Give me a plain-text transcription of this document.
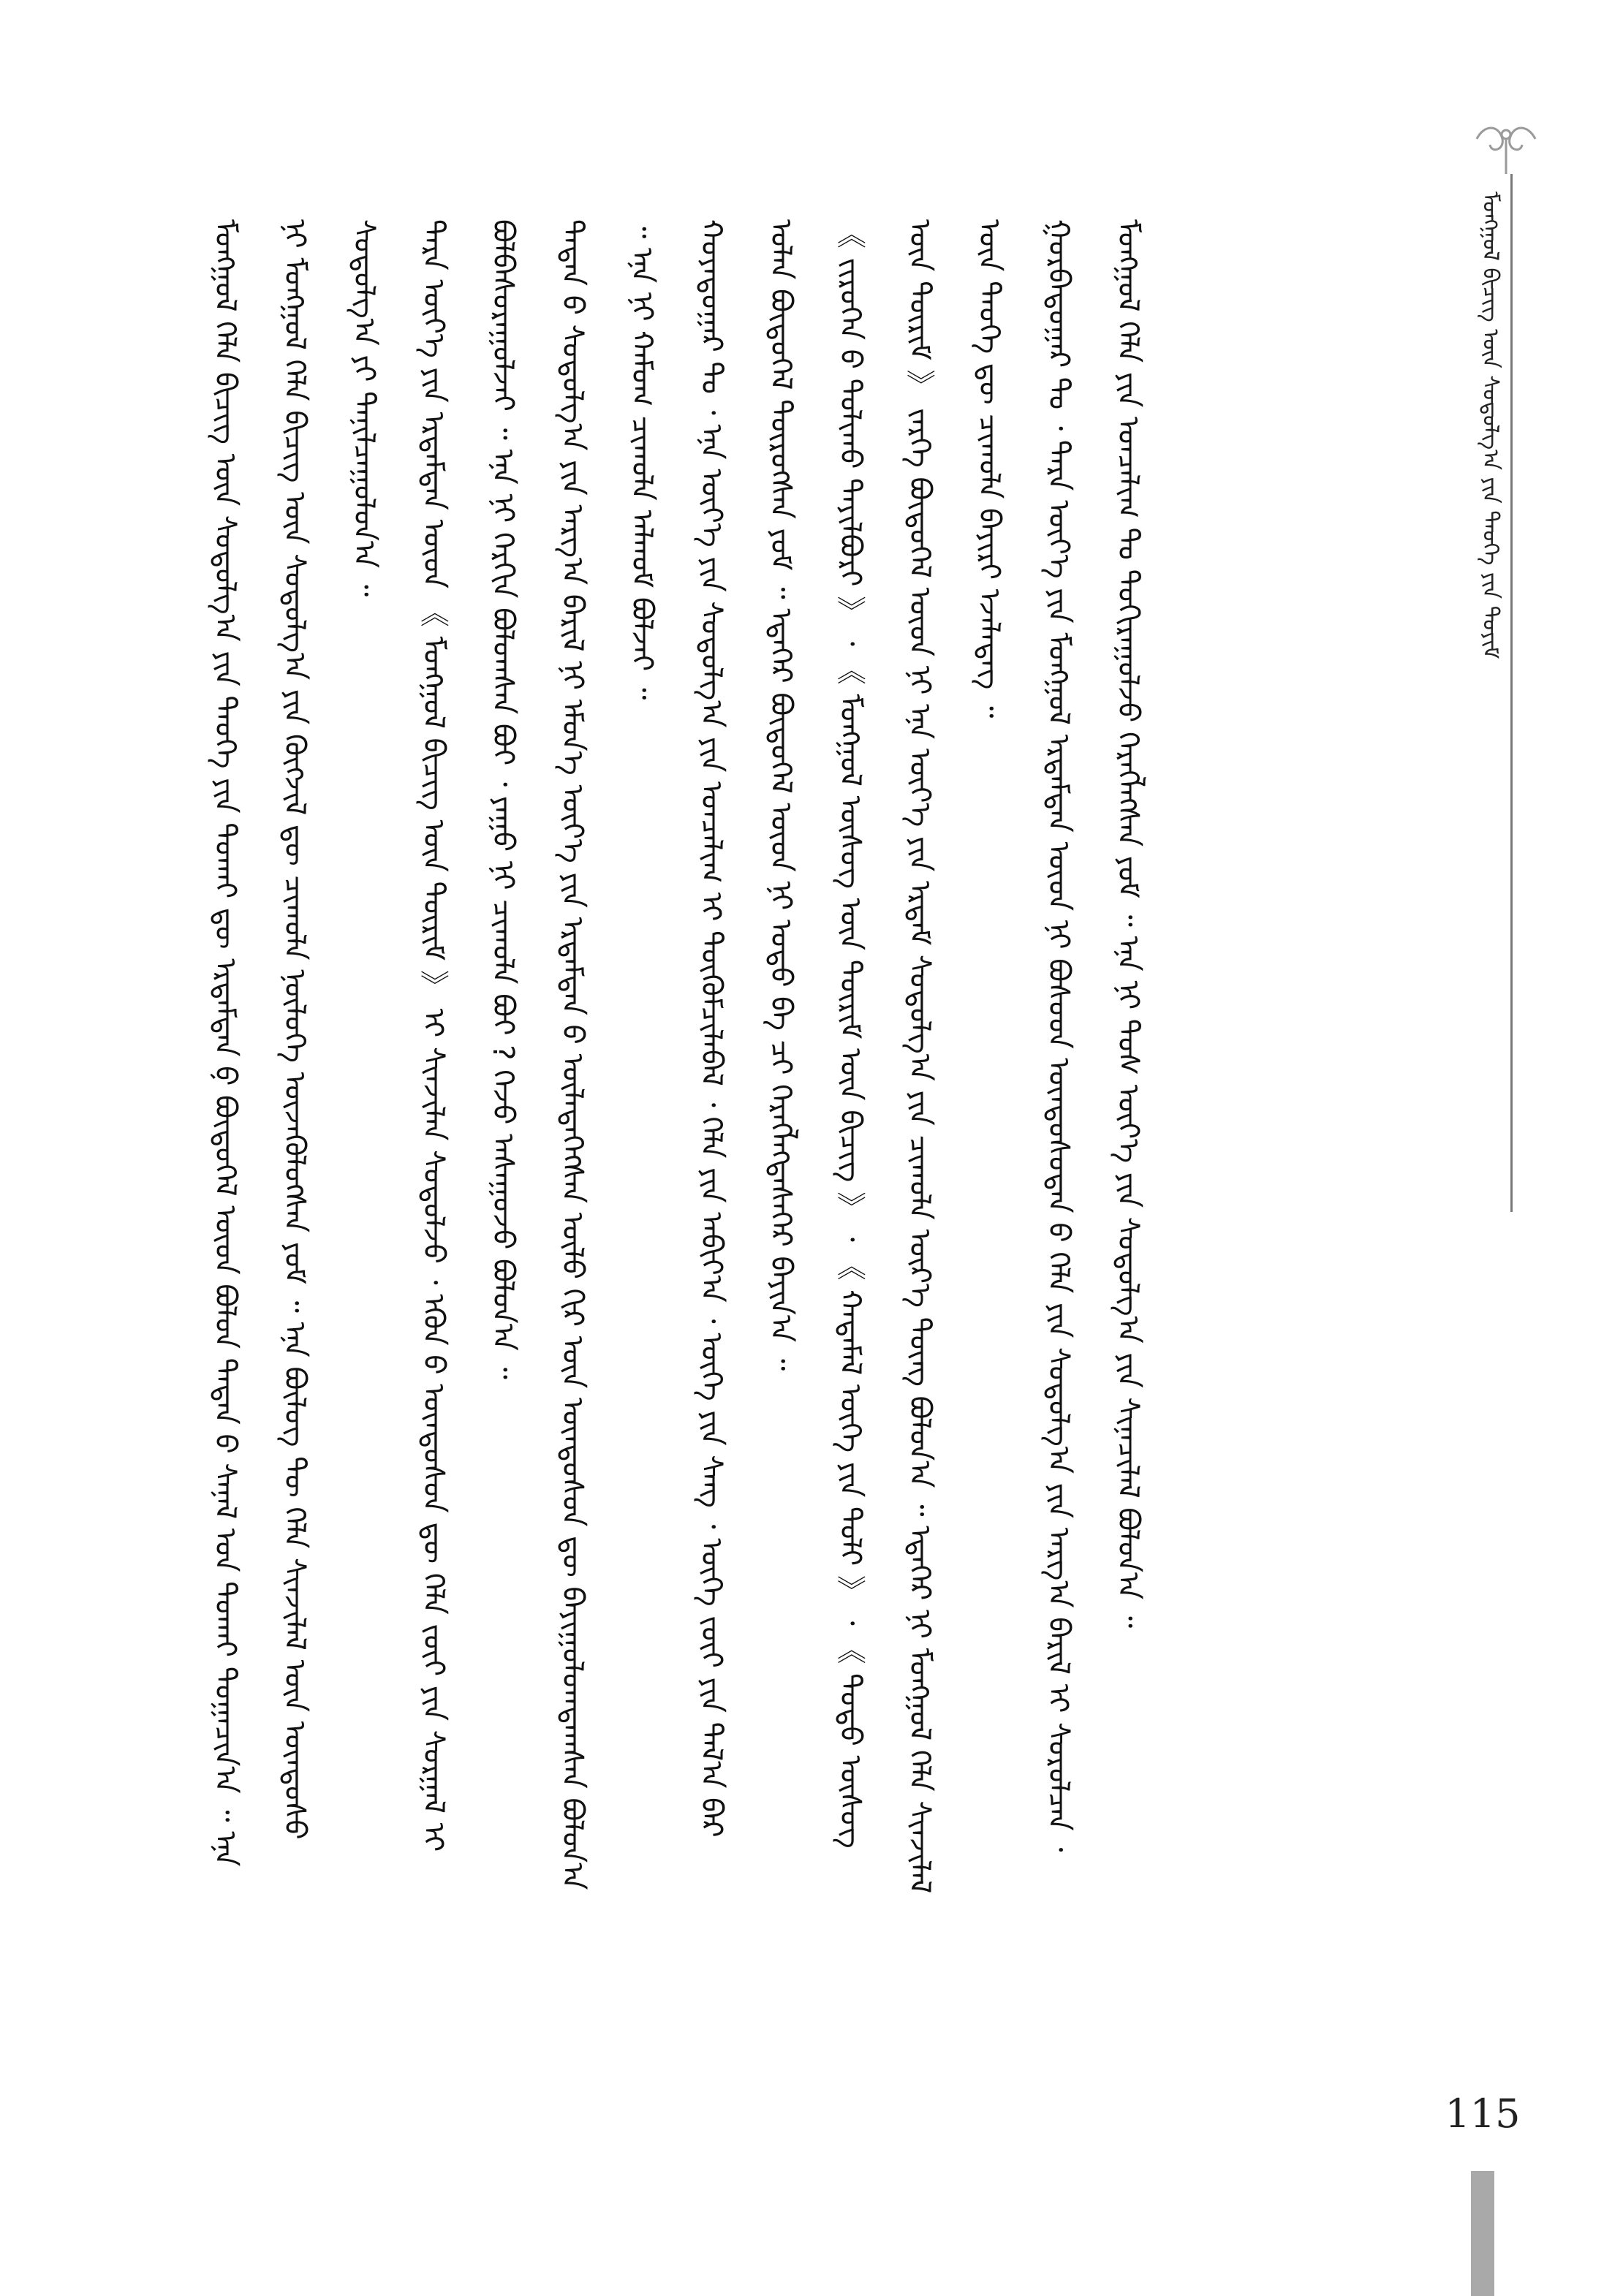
ᠮᠣᠩᠭᠣᠯ ᠪᠢᠴᠢᠭ᠌ ᠦᠨ ᠰᠤᠳᠤᠯᠭ᠎ᠠ ᠶᠢᠨ ᠲᠡᠦᠬᠡ ᠶᠢᠨ ᠲᠣᠶᠢᠮ

ᠮᠣᠩᠭᠣᠯ ᠬᠡᠯᠡ ᠪᠢᠴᠢᠭ᠌ ᠦᠨ ᠰᠤᠳᠤᠯᠭ᠎ᠠ ᠶᠢᠨ ᠲᠡᠦᠬᠡ ᠶᠢᠨ ᠲᠤᠬᠠᠢ ᠳᠦ ᠡᠷᠳᠡᠮᠲᠡᠨ ᠦ᠍ ᠪᠦᠲᠦᠭᠡᠯ ᠦᠳ ᠪᠣᠯᠤᠨ ᠲᠡᠳᠡᠨ ᠦ᠌ ᠰᠠᠨᠠᠯ ᠤᠨ ᠲᠤᠬᠠᠢ ᠲᠣᠭᠠᠴᠢᠨ᠎ᠠ ᠃ ᠡᠨᠡ ᠨᠢ ᠮᠣᠩᠭᠣᠯ ᠬᠡᠯᠡ ᠪᠢᠴᠢᠭ᠌ ᠦᠨ ᠰᠤᠳᠤᠯᠭ᠎ᠠ ᠶᠢᠨ ᠬᠥᠭᠵᠢᠯ ᠳᠦ ᠴᠢᠬᠤᠯᠠ ᠨᠥᠯᠦᠭᠡ ᠦᠵᠡᠭᠦᠯᠦᠭᠰᠡᠨ ᠶᠤᠮ ᠃ ᠡᠨᠡ ᠪᠦᠯᠦᠭ ᠲᠦ ᠬᠡᠯᠡ ᠰᠢᠨᠵᠢᠯᠡᠯ ᠦᠨ ᠦᠨᠳᠦᠰᠦ ᠰᠤᠳᠤᠯᠭ᠎ᠠ ᠶᠢ ᠲᠠᠨᠢᠯᠴᠠᠭᠤᠯᠤᠨ᠎ᠠ ᠃	ᠲᠡᠷᠡ ᠦᠶ᠎ᠡ ᠶᠢᠨ ᠡᠷᠳᠡᠮᠲᠡᠨ ᠦᠳ 《 ᠮᠣᠩᠭᠣᠯ ᠪᠢᠴᠢᠭ᠌ ᠦᠨ ᠳᠦᠷᠢᠮ 》 ᠢ ᠰᠢᠨᠵᠢᠯᠡᠨ ᠰᠤᠳᠤᠯᠵᠤ ᠂ ᠡᠭᠦᠨ ᠦ᠌ ᠦᠨᠳᠦᠰᠦᠨ ᠳᠦ ᠬᠡᠯᠡ ᠵᠦᠢ ᠶᠢᠨ ᠰᠤᠷᠭᠠᠯ ᠢ ᠪᠣᠯᠪᠠᠰᠤᠷᠠᠭᠤᠯᠵᠠᠢ ᠃ ᠡᠨᠡ ᠨᠢ ᠬᠡᠷᠬᠢᠨ ᠪᠣᠯᠤᠭᠰᠠᠨ ᠪᠤᠢ ᠂ ᠶᠠᠭᠤ ᠨᠢ ᠴᠢᠬᠤᠯᠠ ᠪᠤᠢ ? ᠭᠡᠵᠦ ᠠᠰᠠᠭᠤᠵᠤ ᠪᠣᠯᠤᠨ᠎ᠠ ᠃	ᠲᠡᠳᠡᠨ ᠦ᠌ ᠰᠤᠳᠤᠯᠭ᠎ᠠ ᠶᠢᠨ ᠠᠷᠭ᠎ᠠ ᠪᠠᠷᠢᠯ ᠨᠢ ᠡᠮᠦᠨ᠎ᠡ ᠦᠶ᠎ᠡ ᠶᠢᠨ ᠡᠷᠳᠡᠮᠲᠡᠨ ᠦ᠌ ᠦᠯᠡᠳᠡᠭᠡᠭᠰᠡᠨ ᠦᠯᠦ ᠬᠢᠷ ᠦᠨ ᠦᠨᠳᠦᠰᠦᠨ ᠳᠦ ᠪᠠᠶᠢᠭᠤᠯᠤᠭᠳᠠᠭᠰᠠᠨ ᠪᠣᠯᠤᠨ᠎ᠠ ᠃ ᠡᠨᠡ ᠨᠢ ᠬᠠᠮᠤᠭ ᠴᠢᠬᠤᠯᠠ ᠠᠯᠬᠤᠮ ᠪᠣᠯᠵᠠᠢ ᠃	ᠬᠣᠶᠠᠳᠤᠭᠠᠷ ᠲᠤ ᠂ ᠡᠨᠡ ᠦᠶ᠎ᠡ ᠶᠢᠨ ᠰᠤᠳᠤᠯᠭ᠎ᠠ ᠶᠢᠨ ᠣᠨᠴᠠᠯᠢᠭ ᠢ ᠳᠦᠭᠦᠮᠴᠢᠯᠡᠪᠡᠯ ᠂ ᠬᠡᠯᠡ ᠶᠢᠨ ᠠᠪᠢᠶ᠎ᠠ ᠂ ᠦᠭᠡ ᠶᠢᠨ ᠰᠠᠩ ᠂ ᠦᠭᠡ ᠵᠦᠢ ᠶᠢᠨ ᠲᠠᠯ᠎ᠠ ᠪᠠᠷ ᠣᠯᠠᠨ ᠪᠦᠲᠦᠭᠡᠯ ᠲᠦᠷᠦᠭᠰᠡᠨ ᠶᠤᠮ ᠃ ᠡᠳᠡᠭᠡᠷ ᠪᠦᠲᠦᠭᠡᠯ ᠦᠳ ᠨᠢ ᠣᠳᠣ ᠪᠠ ᠴᠢ ᠬᠡᠷᠡᠭᠯᠡᠭᠳᠡᠰᠡᠭᠡᠷ ᠪᠠᠶᠢᠨ᠎ᠠ ᠃	《 ᠵᠢᠷᠦᠬᠡᠨ ᠦ᠌ ᠲᠤᠯᠢᠬᠤ ᠲᠠᠶᠢᠯᠪᠤᠷᠢ 》 ᠂ 《 ᠮᠣᠩᠭᠣᠯ ᠦᠰᠦᠭ ᠦᠨ ᠳᠦᠷᠢᠮ ᠦᠨ ᠪᠢᠴᠢᠭ᠌ 》 ᠂ 《 ᠬᠠᠳᠠᠮᠠᠯ ᠦᠭᠡ ᠶᠢᠨ ᠲᠣᠯᠢ 》 ᠂ 《 ᠲᠣᠳᠣ ᠦᠰᠦᠭ ᠦᠨ ᠳᠦᠷᠢᠮ 》 ᠵᠡᠷᠭᠡ ᠪᠦᠲᠦᠭᠡᠯ ᠦᠳ ᠨᠢ ᠡᠨᠡ ᠦᠶ᠎ᠡ ᠶᠢᠨ ᠡᠷᠳᠡᠮ ᠰᠤᠳᠤᠯᠭ᠎ᠠ ᠶᠢᠨ ᠴᠢᠬᠤᠯᠠ ᠦᠷ᠎ᠡ ᠳᠦᠩ ᠪᠣᠯᠤᠨ᠎ᠠ ᠃ ᠡᠳᠡᠭᠡᠷ ᠨᠢ ᠮᠣᠩᠭᠣᠯ ᠬᠡᠯᠡ ᠰᠢᠨᠵᠢᠯᠡᠯ ᠦᠨ ᠲᠡᠦᠬᠡ ᠳᠦ ᠴᠢᠬᠤᠯᠠ ᠪᠠᠶᠢᠷᠢ ᠡᠵᠡᠯᠡᠳᠡᠭ ᠃	ᠭᠤᠷᠪᠠᠳᠤᠭᠠᠷ ᠲᠤ ᠂ ᠲᠡᠷᠡ ᠦᠶ᠎ᠡ ᠶᠢᠨ ᠮᠣᠩᠭᠣᠯ ᠡᠷᠳᠡᠮᠲᠡᠨ ᠦᠳ ᠨᠢ ᠪᠤᠰᠤᠳ ᠦᠨᠳᠦᠰᠦᠲᠡᠨ ᠦ᠌ ᠬᠡᠯᠡ ᠶᠢᠨ ᠰᠤᠳᠤᠯᠭ᠎ᠠ ᠶᠢᠨ ᠠᠷᠭ᠎ᠠ ᠪᠠᠷᠢᠯ ᠢ ᠰᠤᠷᠤᠯᠴᠠᠨ ᠂ ᠮᠣᠩᠭᠣᠯ ᠬᠡᠯᠡ ᠶᠢᠨ ᠣᠨᠴᠠᠯᠢᠭ ᠲᠤ ᠲᠣᠬᠢᠷᠠᠭᠤᠯᠵᠤ ᠬᠡᠷᠡᠭᠯᠡᠭᠰᠡᠨ ᠶᠤᠮ ᠃ ᠡᠨᠡ ᠨᠢ ᠲᠤᠰ ᠦᠶ᠎ᠡ ᠶᠢᠨ ᠰᠤᠳᠤᠯᠭ᠎ᠠ ᠶᠢᠨ ᠰᠢᠨᠡᠴᠢᠯᠡᠯ ᠪᠣᠯᠤᠨ᠎ᠠ ᠃

115
